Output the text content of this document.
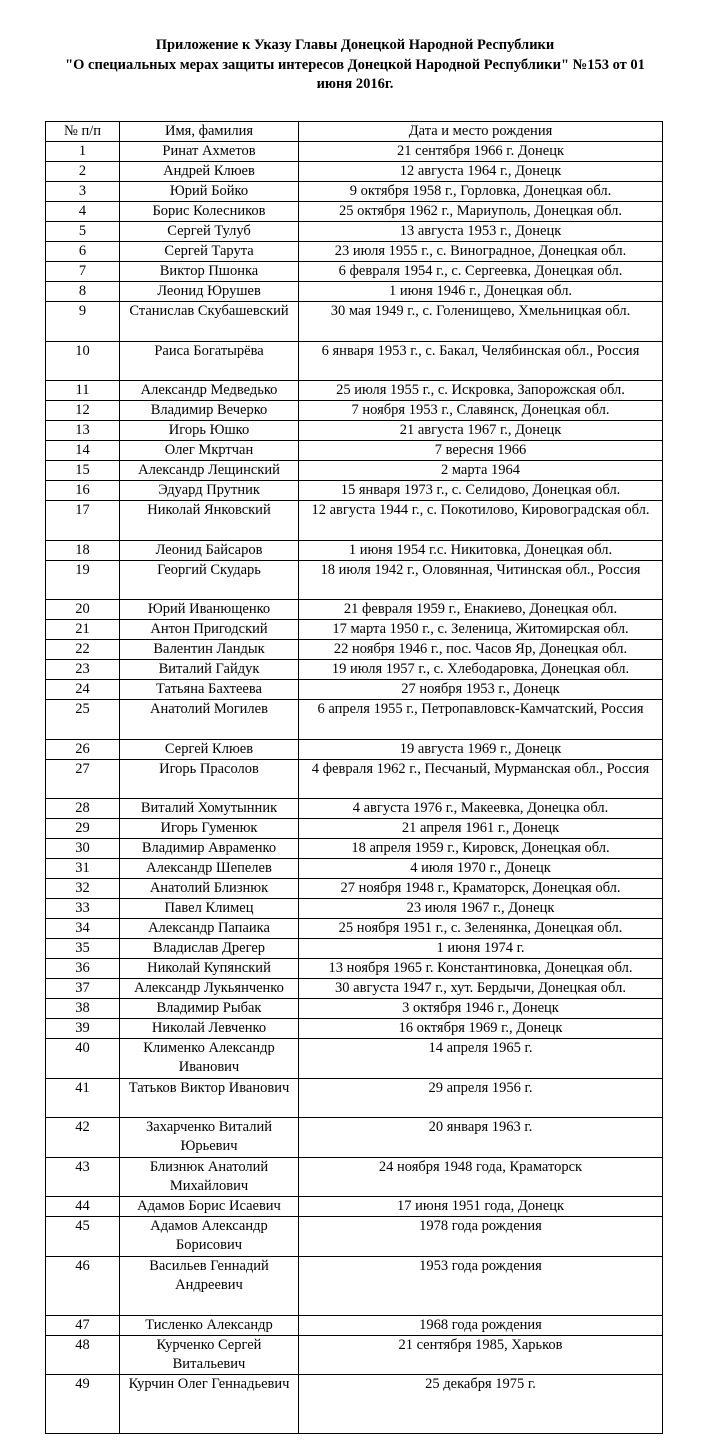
Приложение к Указу Главы Донецкой Народной Республики
"О специальных мерах защиты интересов Донецкой Народной Республики" №153 от 01
июня 2016г.
№ п/п	Имя, фамилия	Дата и место рождения
1	Ринат Ахметов	21 сентября 1966 г. Донецк
2	Андрей Клюев	12 августа 1964 г., Донецк
3	Юрий Бойко	9 октября 1958 г., Горловка, Донецкая обл.
4	Борис Колесников	25 октября 1962 г., Мариуполь, Донецкая обл.
5	Сергей Тулуб	13 августа 1953 г., Донецк
6	Сергей Тарута	23 июля 1955 г., с. Виноградное, Донецкая обл.
7	Виктор Пшонка	6 февраля 1954 г., с. Сергеевка, Донецкая обл.
8	Леонид Юрушев	1 июня 1946 г., Донецкая обл.
9	Станислав Скубашевский	30 мая 1949 г., с. Голенищево, Хмельницкая обл.
10	Раиса Богатырёва	6 января 1953 г., с. Бакал, Челябинская обл., Россия
11	Александр Медведько	25 июля 1955 г., с. Искровка, Запорожская обл.
12	Владимир Вечерко	7 ноября 1953 г., Славянск, Донецкая обл.
13	Игорь Юшко	21 августа 1967 г., Донецк
14	Олег Мкртчан	7 вересня 1966
15	Александр Лещинский	2 марта 1964
16	Эдуард Прутник	15 января 1973 г., с. Селидово, Донецкая обл.
17	Николай Янковский	12 августа 1944 г., с. Покотилово, Кировоградская обл.
18	Леонид Байсаров	1 июня 1954 г.с. Никитовка, Донецкая обл.
19	Георгий Скударь	18 июля 1942 г., Оловянная, Читинская обл., Россия
20	Юрий Иванющенко	21 февраля 1959 г., Енакиево, Донецкая обл.
21	Антон Пригодский	17 марта 1950 г., с. Зеленица, Житомирская обл.
22	Валентин Ландык	22 ноября 1946 г., пос. Часов Яр, Донецкая обл.
23	Виталий Гайдук	19 июля 1957 г., с. Хлебодаровка, Донецкая обл.
24	Татьяна Бахтеева	27 ноября 1953 г., Донецк
25	Анатолий Могилев	6 апреля 1955 г., Петропавловск-Камчатский, Россия
26	Сергей Клюев	19 августа 1969 г., Донецк
27	Игорь Прасолов	4 февраля 1962 г., Песчаный, Мурманская обл., Россия
28	Виталий Хомутынник	4 августа 1976 г., Макеевка, Донецка обл.
29	Игорь Гуменюк	21 апреля 1961 г., Донецк
30	Владимир Авраменко	18 апреля 1959 г., Кировск, Донецкая обл.
31	Александр Шепелев	4 июля 1970 г., Донецк
32	Анатолий Близнюк	27 ноября 1948 г., Краматорск, Донецкая обл.
33	Павел Климец	23 июля 1967 г., Донецк
34	Александр Папаика	25 ноября 1951 г., с. Зеленянка, Донецкая обл.
35	Владислав Дрегер	1 июня 1974 г.
36	Николай Купянский	13 ноября 1965 г. Константиновка, Донецкая обл.
37	Александр Лукьянченко	30 августа 1947 г., хут. Бердычи, Донецкая обл.
38	Владимир Рыбак	3 октября 1946 г., Донецк
39	Николай Левченко	16 октября 1969 г., Донецк
40	Клименко Александр Иванович	14 апреля 1965 г.
41	Татьков Виктор Иванович	29 апреля 1956 г.
42	Захарченко Виталий Юрьевич	20 января 1963 г.
43	Близнюк Анатолий Михайлович	24 ноября 1948 года, Краматорск
44	Адамов Борис Исаевич	17 июня 1951 года, Донецк
45	Адамов Александр Борисович	1978 года рождения
46	Васильев Геннадий Андреевич	1953 года рождения
47	Тисленко Александр	1968 года рождения
48	Курченко Сергей Витальевич	21 сентября 1985, Харьков
49	Курчин Олег Геннадьевич	25 декабря 1975 г.
